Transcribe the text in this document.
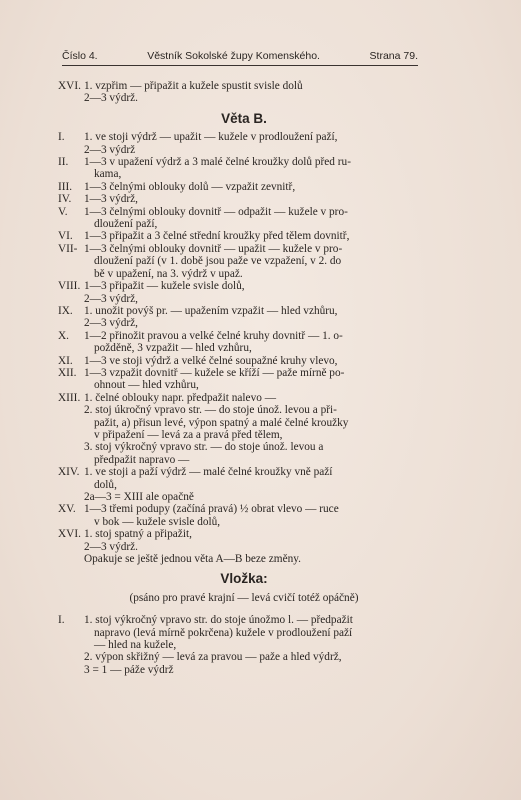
Číslo 4.	Věstník Sokolské župy Komenského.	Strana 79.
XVI. 1. vzpřim — připažit a kužele spustit svisle dolů
2—3 výdrž.
Věta B.
I.	1. ve stoji výdrž — upažit — kužele v prodloužení paží,
2—3 výdrž
II.	1—3 v upažení výdrž a 3 malé čelné kroužky dolů před ru-
kama,
III.	1—3 čelnými oblouky dolů — vzpažit zevnitř,
IV.	1—3 výdrž,
V.	1—3 čelnými oblouky dovnitř — odpažit — kužele v pro-
dloužení paží,
VI. 1—3 připažit a 3 čelné střední kroužky před tělem dovnitř,
VII- 1—3 čelnými oblouky dovnitř — upažit — kužele v pro-
dloužení paží (v 1. době jsou paže ve vzpažení, v 2. do
bě v upažení, na 3. výdrž v upaž.
VIII. 1—3 připažit — kužele svisle dolů,
2—3 výdrž,
IX. 1. unožit povýš pr. — upažením vzpažit — hled vzhůru,
2—3 výdrž,
X.	1—2 přinožit pravou a velké čelné kruhy dovnitř — 1. o-
požděně, 3 vzpažit — hled vzhůru,
XI. 1—3 ve stoji výdrž a velké čelné soupažné kruhy vlevo,
XII. 1—3 vzpažit dovnitř — kužele se kříží — paže mírně po-
ohnout — hled vzhůru,
XIII. 1. čelné oblouky napr. předpažit nalevo —
2. stoj úkročný vpravo str. — do stoje únož. levou a při-
pažit, a) přisun levé, výpon spatný a malé čelné kroužky
v připažení — levá za a pravá před tělem,
3. stoj výkročný vpravo str. — do stoje únož. levou a
předpažit napravo —
XIV. 1. ve stoji a paží výdrž — malé čelné kroužky vně paží
dolů,
2a—3 = XIII ale opačně
XV. 1—3 třemi podupy (začíná pravá) ½ obrat vlevo — ruce
v bok — kužele svisle dolů,
XVI. 1. stoj spatný a připažit,
2—3 výdrž.
Opakuje se ještě jednou věta A—B beze změny.
Vložka:
(psáno pro pravé krajní — levá cvičí totéž opáčně)
I.	1. stoj výkročný vpravo str. do stoje únožmo l. — předpažit
napravo (levá mírně pokrčena) kužele v prodloužení paží
— hled na kužele,
2. výpon skřižný — levá za pravou — paže a hled výdrž,
3 = 1 — páže výdrž
